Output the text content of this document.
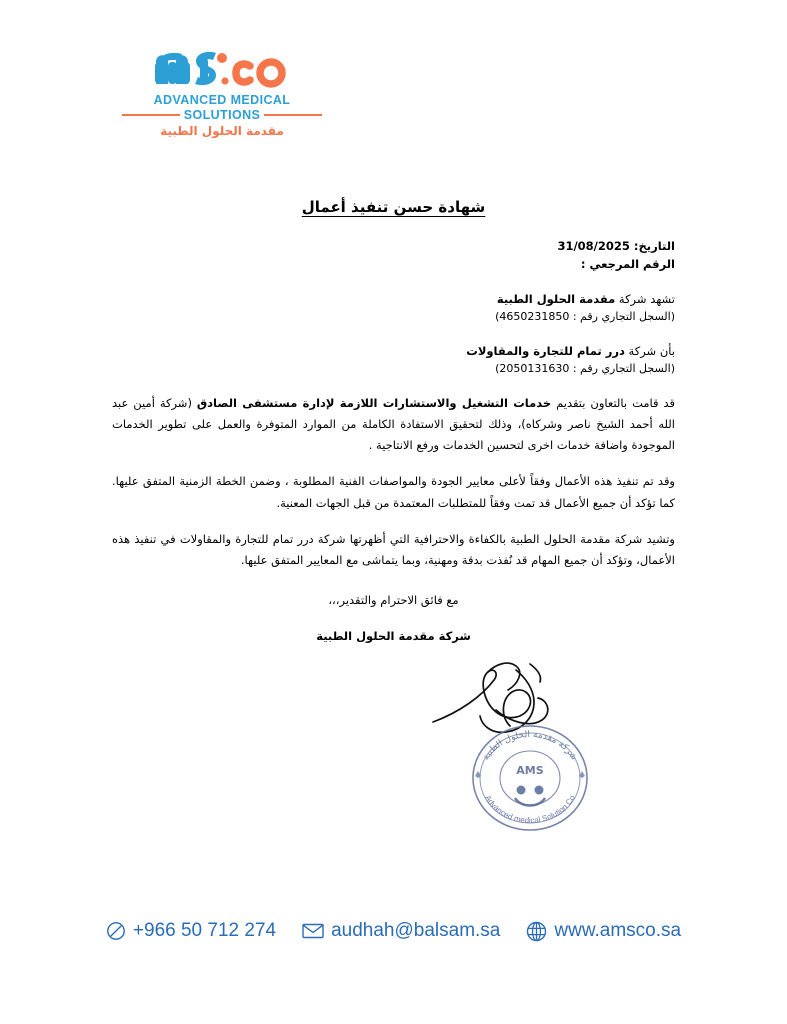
ADVANCED MEDICAL
SOLUTIONS
مقدمة الحلول الطبية
شهادة حسن تنفيذ أعمال
التاريخ: 31/08/2025
الرقم المرجعي :
تشهد شركة مقدمة الحلول الطبية
(السجل التجاري رقم : 4650231850)
بأن شركة درر تمام للتجارة والمقاولات
(السجل التجاري رقم : 2050131630)
قد قامت بالتعاون بتقديم خدمات التشغيل والاستشارات اللازمة لإدارة مستشفى الصادق (شركة أمين عبد الله أحمد الشيخ ناصر وشركاه)، وذلك لتحقيق الاستفادة الكاملة من الموارد المتوفرة والعمل على تطوير الخدمات الموجودة واضافة خدمات اخرى لتحسين الخدمات ورفع الانتاجية .
وقد تم تنفيذ هذه الأعمال وفقاً لأعلى معايير الجودة والمواصفات الفنية المطلوبة ، وضمن الخطة الزمنية المتفق عليها. كما تؤكد أن جميع الأعمال قد تمت وفقاً للمتطلبات المعتمدة من قبل الجهات المعنية.
وتشيد شركة مقدمة الحلول الطبية بالكفاءة والاحترافية التي أظهرتها شركة درر تمام للتجارة والمقاولات في تنفيذ هذه الأعمال، وتؤكد أن جميع المهام قد نُفذت بدقة ومهنية، وبما يتماشى مع المعايير المتفق عليها.
مع فائق الاحترام والتقدير،،،
شركة مقدمة الحلول الطبية
شركة مقدمة الحلول الطبية
Advanced medical Solution Co
AMS
+966 50 712 274	audhah@balsam.sa	www.amsco.sa
